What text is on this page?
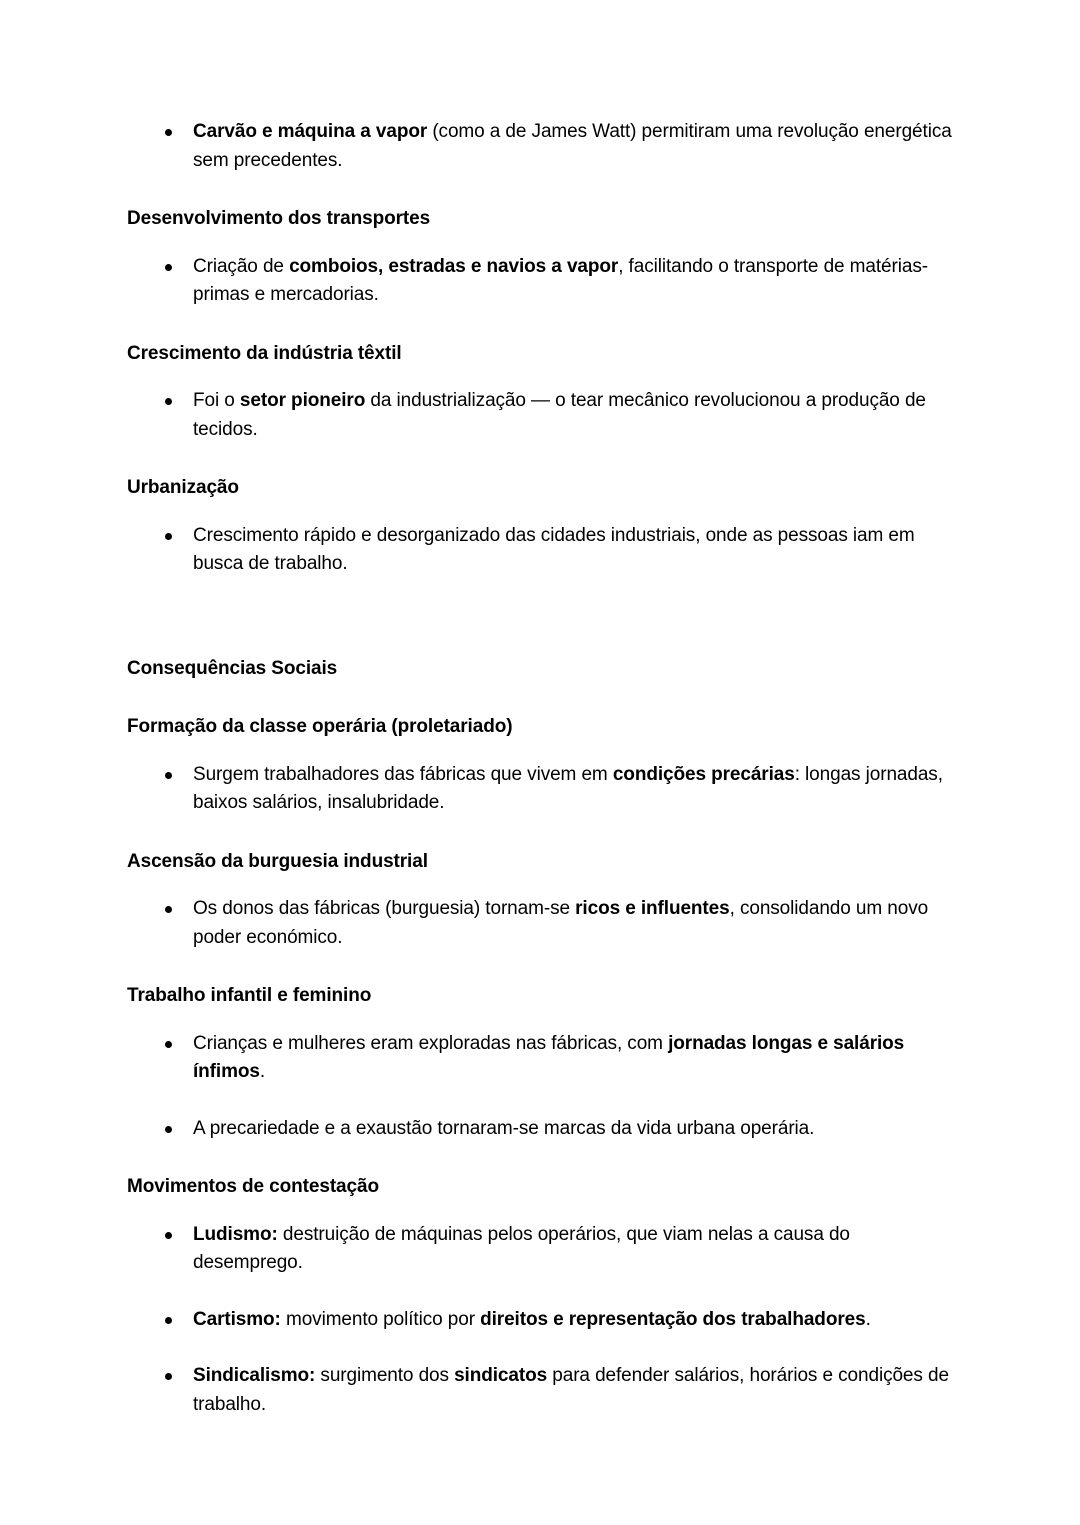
Carvão e máquina a vapor (como a de James Watt) permitiram uma revolução energética sem precedentes.
Desenvolvimento dos transportes
Criação de comboios, estradas e navios a vapor, facilitando o transporte de matérias-primas e mercadorias.
Crescimento da indústria têxtil
Foi o setor pioneiro da industrialização — o tear mecânico revolucionou a produção de tecidos.
Urbanização
Crescimento rápido e desorganizado das cidades industriais, onde as pessoas iam em busca de trabalho.
Consequências Sociais
Formação da classe operária (proletariado)
Surgem trabalhadores das fábricas que vivem em condições precárias: longas jornadas, baixos salários, insalubridade.
Ascensão da burguesia industrial
Os donos das fábricas (burguesia) tornam-se ricos e influentes, consolidando um novo poder económico.
Trabalho infantil e feminino
Crianças e mulheres eram exploradas nas fábricas, com jornadas longas e salários ínfimos.
A precariedade e a exaustão tornaram-se marcas da vida urbana operária.
Movimentos de contestação
Ludismo: destruição de máquinas pelos operários, que viam nelas a causa do desemprego.
Cartismo: movimento político por direitos e representação dos trabalhadores.
Sindicalismo: surgimento dos sindicatos para defender salários, horários e condições de trabalho.
